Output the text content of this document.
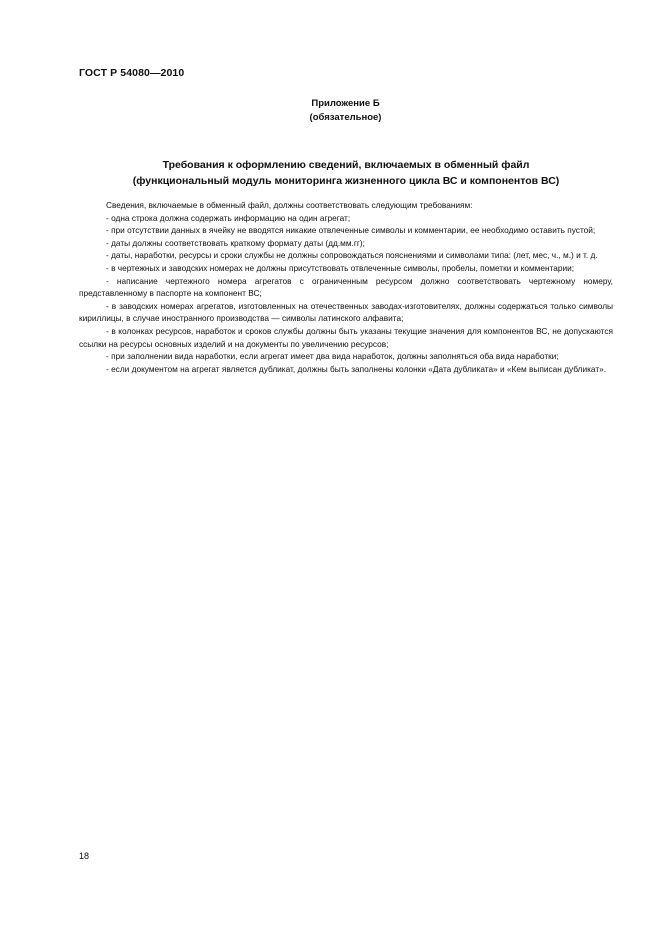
ГОСТ Р 54080—2010
Приложение Б
(обязательное)
Требования к оформлению сведений, включаемых в обменный файл
(функциональный модуль мониторинга жизненного цикла ВС и компонентов ВС)

Сведения, включаемые в обменный файл, должны соответствовать следующим требованиям:

- одна строка должна содержать информацию на один агрегат;

- при отсутствии данных в ячейку не вводятся никакие отвлеченные символы и комментарии, ее необходимо оставить пустой;

- даты должны соответствовать краткому формату даты (дд.мм.гг);

- даты, наработки, ресурсы и сроки службы не должны сопровождаться пояснениями и символами типа: (лет, мес, ч., м.) и т. д.

- в чертежных и заводских номерах не должны присутствовать отвлеченные символы, пробелы, пометки и комментарии;

- написание чертежного номера агрегатов с ограниченным ресурсом должно соответствовать чертежному номеру, представленному в паспорте на компонент ВС;

- в заводских номерах агрегатов, изготовленных на отечественных заводах-изготовителях, должны содержаться только символы кириллицы, в случае иностранного производства — символы латинского алфавита;

- в колонках ресурсов, наработок и сроков службы должны быть указаны текущие значения для компонентов ВС, не допускаются ссылки на ресурсы основных изделий и на документы по увеличению ресурсов;

- при заполнении вида наработки, если агрегат имеет два вида наработок, должны заполняться оба вида наработки;

- если документом на агрегат является дубликат, должны быть заполнены колонки «Дата дубликата» и «Кем выписан дубликат».

18
